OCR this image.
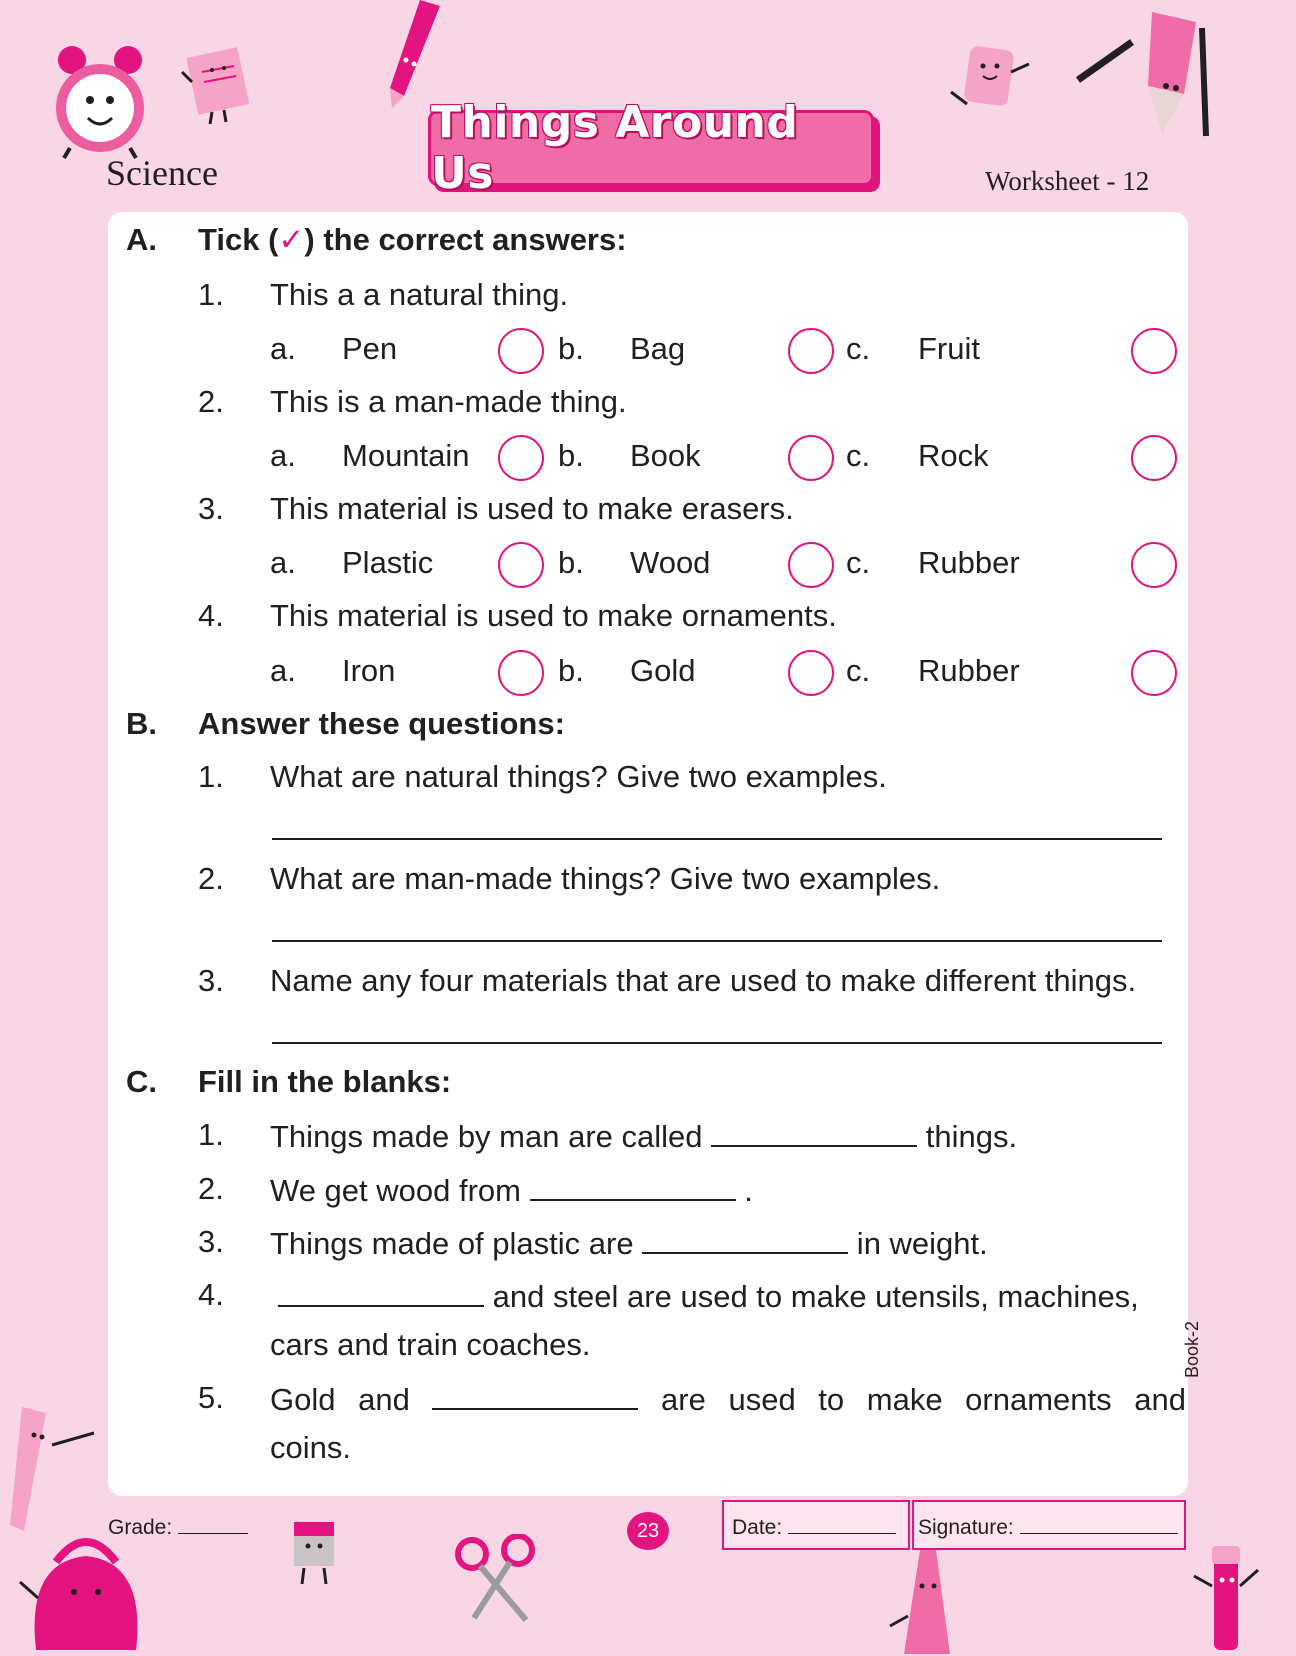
Science
Things Around Us	Worksheet - 12
A. Tick (✓) the correct answers:
1. This a a natural thing.
a. Pen	b. Bag	c. Fruit
2. This is a man-made thing.
a. Mountain	b. Book	c. Rock
3. This material is used to make erasers.
a. Plastic	b. Wood	c. Rubber
4. This material is used to make ornaments.
a. Iron	b. Gold	c. Rubber
B. Answer these questions:
1. What are natural things? Give two examples.
2. What are man-made things? Give two examples.
3. Name any four materials that are used to make different things.
C. Fill in the blanks:
1. Things made by man are called	things.
2. We get wood from	.
3. Things made of plastic are	in weight.
4.	and steel are used to make utensils, machines,
cars and train coaches.
5. Gold and	are used to make ornaments and
coins.
Book-2
Grade:	23	Date:	Signature:
